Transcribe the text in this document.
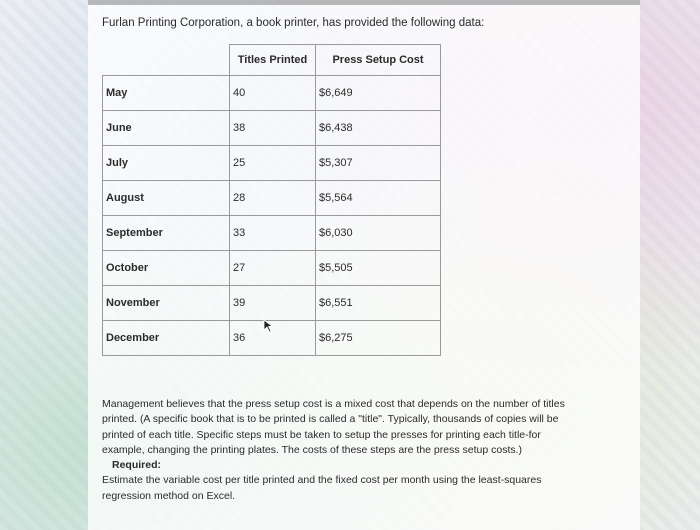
Furlan Printing Corporation, a book printer, has provided the following data:
	Titles Printed	Press Setup Cost
May	40	$6,649
June	38	$6,438
July	25	$5,307
August	28	$5,564
September	33	$6,030
October	27	$5,505
November	39	$6,551
December	36	$6,275

Management believes that the press setup cost is a mixed cost that depends on the number of titles printed. (A specific book that is to be printed is called a "title". Typically, thousands of copies will be printed of each title. Specific steps must be taken to setup the presses for printing each title-for example, changing the printing plates. The costs of these steps are the press setup costs.)

Required:

Estimate the variable cost per title printed and the fixed cost per month using the least-squares regression method on Excel.
